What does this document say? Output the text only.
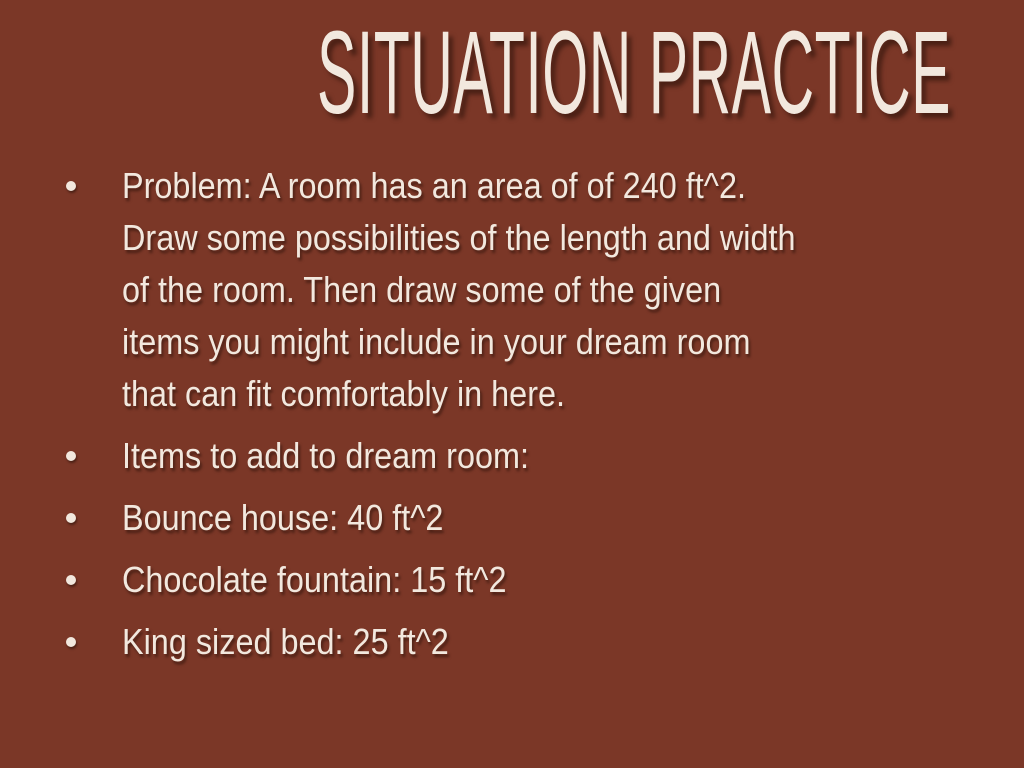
SITUATION PRACTICE
Problem: A room has an area of of 240 ft^2.
Draw some possibilities of the length and width
of the room. Then draw some of the given
items you might include in your dream room
that can fit comfortably in here.
Items to add to dream room:
Bounce house: 40 ft^2
Chocolate fountain: 15 ft^2
King sized bed: 25 ft^2
